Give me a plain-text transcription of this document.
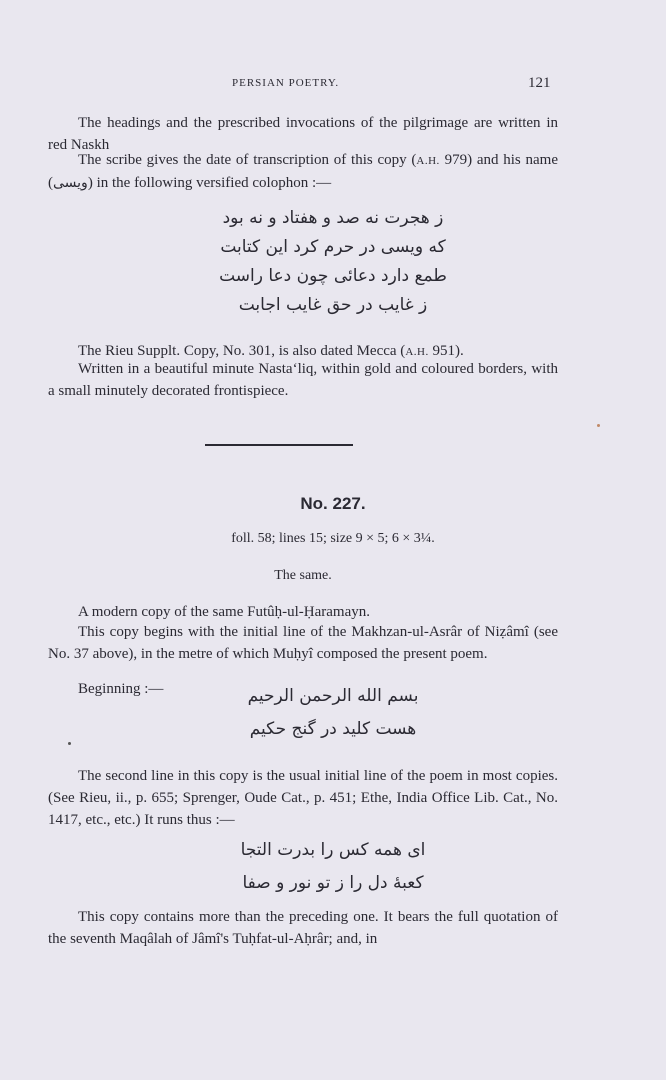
PERSIAN POETRY.	121
The headings and the prescribed invocations of the pilgrimage are written in red Naskh
The scribe gives the date of transcription of this copy (A.H. 979) and his name (ویسی) in the following versified colophon :—
ز هجرت نه صد و هفتاد و نه بود
كه ویسی در حرم كرد این كتابت
طمع دارد دعائی چون دعا راست
ز غایب در حق غایب اجابت
The Rieu Supplt. Copy, No. 301, is also dated Mecca (A.H. 951).
Written in a beautiful minute Nasta‘liq, within gold and coloured borders, with a small minutely decorated frontispiece.
No. 227.
foll. 58; lines 15; size 9 × 5; 6 × 3¼.
The same.
A modern copy of the same Futûḥ-ul-Ḥaramayn.
This copy begins with the initial line of the Makhzan-ul-Asrâr of Niẓâmî (see No. 37 above), in the metre of which Muḥyî composed the present poem.
Beginning :—	بسم الله الرحمن الرحیم
هست كلید در گنج حكیم
The second line in this copy is the usual initial line of the poem in most copies. (See Rieu, ii., p. 655; Sprenger, Oude Cat., p. 451; Ethe, India Office Lib. Cat., No. 1417, etc., etc.) It runs thus :—
ای همه كس را بدرت التجا
كعبهٔ دل را ز تو نور و صفا
This copy contains more than the preceding one. It bears the full quotation of the seventh Maqâlah of Jâmî's Tuḥfat-ul-Aḥrâr; and, in
